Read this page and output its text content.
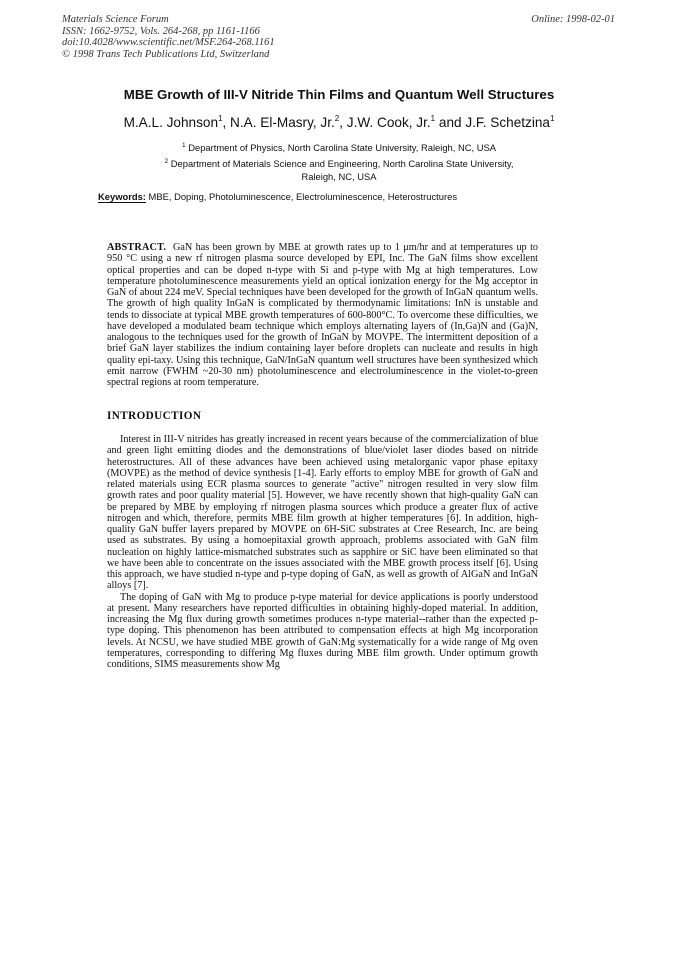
Materials Science Forum
ISSN: 1662-9752, Vols. 264-268, pp 1161-1166
doi:10.4028/www.scientific.net/MSF.264-268.1161
© 1998 Trans Tech Publications Ltd, Switzerland
Online: 1998-02-01
MBE Growth of III-V Nitride Thin Films and Quantum Well Structures
M.A.L. Johnson$^1$, N.A. El-Masry, Jr.$^2$, J.W. Cook, Jr.$^1$ and J.F. Schetzina$^1$
$^1$ Department of Physics, North Carolina State University, Raleigh, NC, USA
$^2$ Department of Materials Science and Engineering, North Carolina State University,
Raleigh, NC, USA
Keywords: MBE, Doping, Photoluminescence, Electroluminescence, Heterostructures

ABSTRACT. GaN has been grown by MBE at growth rates up to 1 μm/hr and at temperatures up to 950 °C using a new rf nitrogen plasma source developed by EPI, Inc. The GaN films show excellent optical properties and can be doped n-type with Si and p-type with Mg at high temperatures. Low temperature photoluminescence measurements yield an optical ionization energy for the Mg acceptor in GaN of about 224 meV. Special techniques have been developed for the growth of InGaN quantum wells. The growth of high quality InGaN is complicated by thermodynamic limitations: InN is unstable and tends to dissociate at typical MBE growth temperatures of 600-800°C. To overcome these difficulties, we have developed a modulated beam technique which employs alternating layers of (In,Ga)N and (Ga)N, analogous to the techniques used for the growth of InGaN by MOVPE. The intermittent deposition of a brief GaN layer stabilizes the indium containing layer before droplets can nucleate and results in high quality epi-taxy. Using this technique, GaN/InGaN quantum well structures have been synthesized which emit narrow (FWHM ~20-30 nm) photoluminescence and electroluminescence in the violet-to-green spectral regions at room temperature.

INTRODUCTION

Interest in III-V nitrides has greatly increased in recent years because of the commercialization of blue and green light emitting diodes and the demonstrations of blue/violet laser diodes based on nitride heterostructures. All of these advances have been achieved using metalorganic vapor phase epitaxy (MOVPE) as the method of device synthesis [1-4]. Early efforts to employ MBE for growth of GaN and related materials using ECR plasma sources to generate "active" nitrogen resulted in very slow film growth rates and poor quality material [5]. However, we have recently shown that high-quality GaN can be prepared by MBE by employing rf nitrogen plasma sources which produce a greater flux of active nitrogen and which, therefore, permits MBE film growth at higher temperatures [6]. In addition, high-quality GaN buffer layers prepared by MOVPE on 6H-SiC substrates at Cree Research, Inc. are being used as substrates. By using a homoepitaxial growth approach, problems associated with GaN film nucleation on highly lattice-mismatched substrates such as sapphire or SiC have been eliminated so that we have been able to concentrate on the issues associated with the MBE growth process itself [6]. Using this approach, we have studied n-type and p-type doping of GaN, as well as growth of AlGaN and InGaN alloys [7].

The doping of GaN with Mg to produce p-type material for device applications is poorly understood at present. Many researchers have reported difficulties in obtaining highly-doped material. In addition, increasing the Mg flux during growth sometimes produces n-type material--rather than the expected p-type doping. This phenomenon has been attributed to compensation effects at high Mg incorporation levels. At NCSU, we have studied MBE growth of GaN:Mg systematically for a wide range of Mg oven temperatures, corresponding to differing Mg fluxes during MBE film growth. Under optimum growth conditions, SIMS measurements show Mg
